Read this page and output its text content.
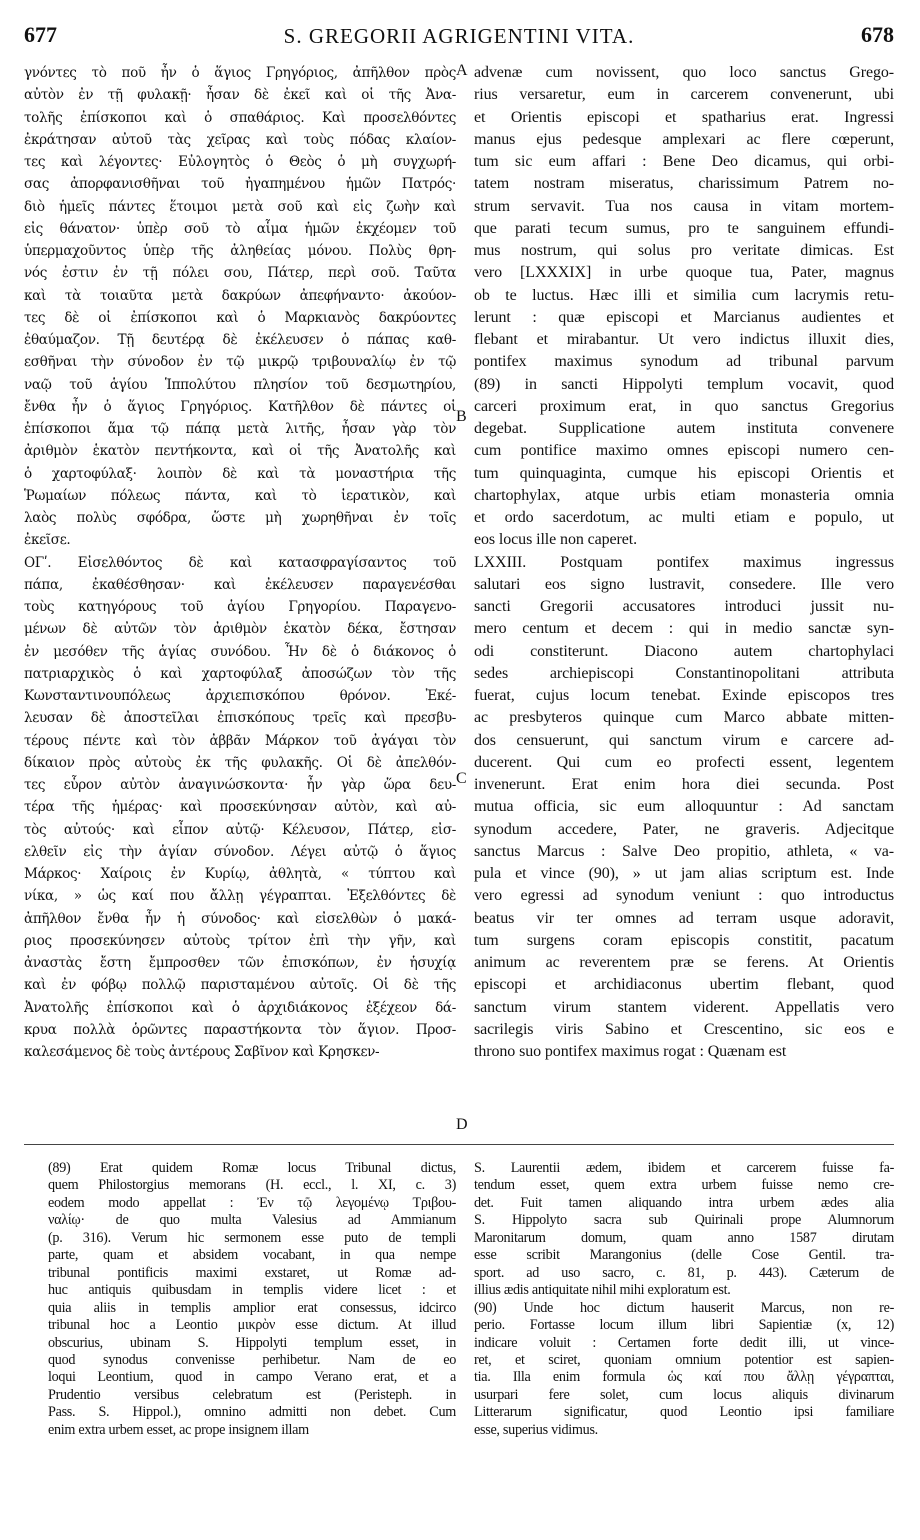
677	S. GREGORII AGRIGENTINI VITA.	678
γνόντες τὸ ποῦ ἦν ὁ ἅγιος Γρηγόριος, ἀπῆλθον πρὸς
αὐτὸν ἐν τῇ φυλακῇ· ἦσαν δὲ ἐκεῖ καὶ οἱ τῆς Ἀνα-
τολῆς ἐπίσκοποι καὶ ὁ σπαθάριος. Καὶ προσελθόντες
ἐκράτησαν αὐτοῦ τὰς χεῖρας καὶ τοὺς πόδας κλαίον-
τες καὶ λέγοντες· Εὐλογητὸς ὁ Θεὸς ὁ μὴ συγχωρή-
σας ἀπορφανισθῆναι τοῦ ἠγαπημένου ἡμῶν Πατρός·
διὸ ἡμεῖς πάντες ἕτοιμοι μετὰ σοῦ καὶ εἰς ζωὴν καὶ
εἰς θάνατον· ὑπὲρ σοῦ τὸ αἷμα ἡμῶν ἐκχέομεν τοῦ
ὑπερμαχοῦντος ὑπὲρ τῆς ἀληθείας μόνου. Πολὺς θρη-
νός ἐστιν ἐν τῇ πόλει σου, Πάτερ, περὶ σοῦ. Ταῦτα
καὶ τὰ τοιαῦτα μετὰ δακρύων ἀπεφήναντο· ἀκούον-
τες δὲ οἱ ἐπίσκοποι καὶ ὁ Μαρκιανὸς δακρύοντες
ἐθαύμαζον. Τῇ δευτέρᾳ δὲ ἐκέλευσεν ὁ πάπας καθ-
εσθῆναι τὴν σύνοδον ἐν τῷ μικρῷ τριβουναλίῳ ἐν τῷ
ναῷ τοῦ ἁγίου Ἱππολύτου πλησίον τοῦ δεσμωτηρίου,
ἔνθα ἦν ὁ ἅγιος Γρηγόριος. Κατῆλθον δὲ πάντες οἱ
ἐπίσκοποι ἅμα τῷ πάπᾳ μετὰ λιτῆς, ἦσαν γὰρ τὸν
ἀριθμὸν ἑκατὸν πεντήκοντα, καὶ οἱ τῆς Ἀνατολῆς καὶ
ὁ χαρτοφύλαξ· λοιπὸν δὲ καὶ τὰ μοναστήρια τῆς
Ῥωμαίων πόλεως πάντα, καὶ τὸ ἱερατικὸν, καὶ
λαὸς πολὺς σφόδρα, ὥστε μὴ χωρηθῆναι ἐν τοῖς
ἐκεῖσε.
ΟΓʹ. Εἰσελθόντος δὲ καὶ κατασφραγίσαντος τοῦ
πάπα, ἐκαθέσθησαν· καὶ ἐκέλευσεν παραγενέσθαι
τοὺς κατηγόρους τοῦ ἁγίου Γρηγορίου. Παραγενο-
μένων δὲ αὐτῶν τὸν ἀριθμὸν ἑκατὸν δέκα, ἔστησαν
ἐν μεσόθεν τῆς ἁγίας συνόδου. Ἦν δὲ ὁ διάκονος ὁ
πατριαρχικὸς ὁ καὶ χαρτοφύλαξ ἀποσώζων τὸν τῆς
Κωνσταντινουπόλεως ἀρχιεπισκόπου θρόνον. Ἐκέ-
λευσαν δὲ ἀποστεῖλαι ἐπισκόπους τρεῖς καὶ πρεσβυ-
τέρους πέντε καὶ τὸν ἀββᾶν Μάρκον τοῦ ἀγάγαι τὸν
δίκαιον πρὸς αὐτοὺς ἐκ τῆς φυλακῆς. Οἱ δὲ ἀπελθόν-
τες εὗρον αὐτὸν ἀναγινώσκοντα· ἦν γὰρ ὥρα δευ-
τέρα τῆς ἡμέρας· καὶ προσεκύνησαν αὐτὸν, καὶ αὐ-
τὸς αὐτούς· καὶ εἶπον αὐτῷ· Κέλευσον, Πάτερ, εἰσ-
ελθεῖν εἰς τὴν ἁγίαν σύνοδον. Λέγει αὐτῷ ὁ ἅγιος
Μάρκος· Χαίροις ἐν Κυρίῳ, ἀθλητὰ, « τύπτου καὶ
νίκα, » ὡς καί που ἄλλῃ γέγραπται. Ἐξελθόντες δὲ
ἀπῆλθον ἔνθα ἦν ἡ σύνοδος· καὶ εἰσελθὼν ὁ μακά-
ριος προσεκύνησεν αὐτοὺς τρίτον ἐπὶ τὴν γῆν, καὶ
ἀναστὰς ἔστη ἔμπροσθεν τῶν ἐπισκόπων, ἐν ἡσυχίᾳ
καὶ ἐν φόβῳ πολλῷ παρισταμένου αὐτοῖς. Οἱ δὲ τῆς
Ἀνατολῆς ἐπίσκοποι καὶ ὁ ἀρχιδιάκονος ἐξέχεον δά-
κρυα πολλὰ ὁρῶντες παραστήκοντα τὸν ἅγιον. Προσ-
καλεσάμενος δὲ τοὺς ἀντέρους Σαβῖνον καὶ Κρησκεν-
advenæ cum novissent, quo loco sanctus Grego-
rius versaretur, eum in carcerem convenerunt, ubi
et Orientis episcopi et spatharius erat. Ingressi
manus ejus pedesque amplexari ac flere cœperunt,
tum sic eum affari : Bene Deo dicamus, qui orbi-
tatem nostram miseratus, charissimum Patrem no-
strum servavit. Tua nos causa in vitam mortem-
que parati tecum sumus, pro te sanguinem effundi-
mus nostrum, qui solus pro veritate dimicas. Est
vero [LXXXIX] in urbe quoque tua, Pater, magnus
ob te luctus. Hæc illi et similia cum lacrymis retu-
lerunt : quæ episcopi et Marcianus audientes et
flebant et mirabantur. Ut vero indictus illuxit dies,
pontifex maximus synodum ad tribunal parvum
(89) in sancti Hippolyti templum vocavit, quod
carceri proximum erat, in quo sanctus Gregorius
degebat. Supplicatione autem instituta convenere
cum pontifice maximo omnes episcopi numero cen-
tum quinquaginta, cumque his episcopi Orientis et
chartophylax, atque urbis etiam monasteria omnia
et ordo sacerdotum, ac multi etiam e populo, ut
eos locus ille non caperet.
LXXIII. Postquam pontifex maximus ingressus
salutari eos signo lustravit, consedere. Ille vero
sancti Gregorii accusatores introduci jussit nu-
mero centum et decem : qui in medio sanctæ syn-
odi constiterunt. Diacono autem chartophylaci
sedes archiepiscopi Constantinopolitani attributa
fuerat, cujus locum tenebat. Exinde episcopos tres
ac presbyteros quinque cum Marco abbate mitten-
dos censuerunt, qui sanctum virum e carcere ad-
ducerent. Qui cum eo profecti essent, legentem
invenerunt. Erat enim hora diei secunda. Post
mutua officia, sic eum alloquuntur : Ad sanctam
synodum accedere, Pater, ne graveris. Adjecitque
sanctus Marcus : Salve Deo propitio, athleta, « va-
pula et vince (90), » ut jam alias scriptum est. Inde
vero egressi ad synodum veniunt : quo introductus
beatus vir ter omnes ad terram usque adoravit,
tum surgens coram episcopis constitit, pacatum
animum ac reverentem præ se ferens. At Orientis
episcopi et archidiaconus ubertim flebant, quod
sanctum virum stantem viderent. Appellatis vero
sacrilegis viris Sabino et Crescentino, sic eos e
throno suo pontifex maximus rogat : Quænam est
A
B
C
D
(89) Erat quidem Romæ locus Tribunal dictus,
quem Philostorgius memorans (H. eccl., l. XI, c. 3)
eodem modo appellat : Ἐν τῷ λεγομένῳ Τριβου-
ναλίῳ· de quo multa Valesius ad Ammianum
(p. 316). Verum hic sermonem esse puto de templi
parte, quam et absidem vocabant, in qua nempe
tribunal pontificis maximi exstaret, ut Romæ ad-
huc antiquis quibusdam in templis videre licet : et
quia aliis in templis amplior erat consessus, idcirco
tribunal hoc a Leontio μικρὸν esse dictum. At illud
obscurius, ubinam S. Hippolyti templum esset, in
quod synodus convenisse perhibetur. Nam de eo
loqui Leontium, quod in campo Verano erat, et a
Prudentio versibus celebratum est (Peristeph. in
Pass. S. Hippol.), omnino admitti non debet. Cum
enim extra urbem esset, ac prope insignem illam
S. Laurentii ædem, ibidem et carcerem fuisse fa-
tendum esset, quem extra urbem fuisse nemo cre-
det. Fuit tamen aliquando intra urbem ædes alia
S. Hippolyto sacra sub Quirinali prope Alumnorum
Maronitarum domum, quam anno 1587 dirutam
esse scribit Marangonius (delle Cose Gentil. tra-
sport. ad uso sacro, c. 81, p. 443). Cæterum de
illius ædis antiquitate nihil mihi exploratum est.
(90) Unde hoc dictum hauserit Marcus, non re-
perio. Fortasse locum illum libri Sapientiæ (x, 12)
indicare voluit : Certamen forte dedit illi, ut vince-
ret, et sciret, quoniam omnium potentior est sapien-
tia. Illa enim formula ὡς καί που ἄλλῃ γέγραπται,
usurpari fere solet, cum locus aliquis divinarum
Litterarum significatur, quod Leontio ipsi familiare
esse, superius vidimus.
